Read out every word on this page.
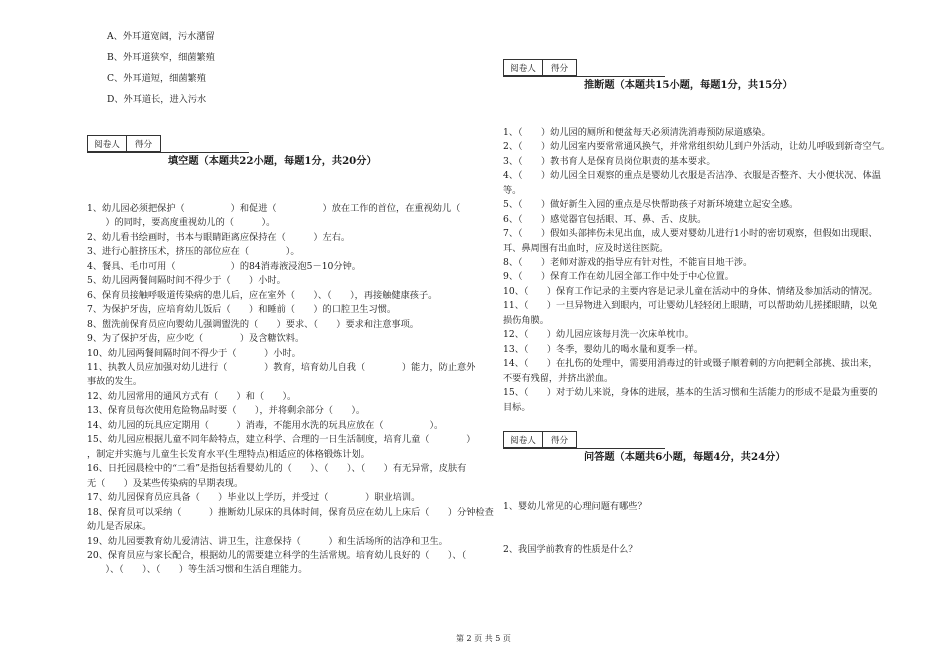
A、外耳道宽阔，污水潴留
B、外耳道狭窄，细菌繁殖
C、外耳道短，细菌繁殖
D、外耳道长，进入污水
阅卷人	得分
填空题（本题共22小题，每题1分，共20分）
1、幼儿园必须把保护（　　　　　）和促进（　　　　　）放在工作的首位，在重视幼儿（
　　）的同时，要高度重视幼儿的（　　　）。
2、幼儿看书绘画时，书本与眼睛距离应保持在（　　　）左右。
3、进行心脏挤压术，挤压的部位应在（　　　　）。
4、餐具、毛巾可用（　　　　　　）的84消毒液浸泡5－10分钟。
5、幼儿园两餐间隔时间不得少于（　　）小时。
6、保育员接触呼吸道传染病的患儿后，应在室外（　　）、（　　），再接触健康孩子。
7、为保护牙齿，应培育幼儿饭后（　　）和睡前（　　）的口腔卫生习惯。
8、盥洗前保育员应向婴幼儿强调盥洗的（　　）要求、（　　）要求和注意事项。
9、为了保护牙齿，应少吃（　　　　）及含糖饮料。
10、幼儿园两餐间隔时间不得少于（　　　）小时。
11、执教人员应加强对幼儿进行（　　　　）教育，培育幼儿自我（　　　　）能力，防止意外
事故的发生。
12、幼儿园常用的通风方式有（　　）和（　　）。
13、保育员每次使用危险物品时要（　　），并将剩余部分（　　）。
14、幼儿园的玩具应定期用（　　　）消毒，不能用水洗的玩具应放在（　　　　　）。
15、幼儿园应根据儿童不同年龄特点，建立科学、合理的一日生活制度，培育儿童（　　　　）
，制定并实施与儿童生长发育水平(生理特点)相适应的体格锻炼计划。
16、日托园晨检中的“二看”是指包括看婴幼儿的（　　）、（　　）、（　　）有无异常，皮肤有
无（　　）及某些传染病的早期表现。
17、幼儿园保育员应具备（　　）毕业以上学历，并受过（　　　　）职业培训。
18、保育员可以采纳（　　　）推断幼儿尿床的具体时间，保育员应在幼儿上床后（　　）分钟检查
幼儿是否尿床。
19、幼儿园要教育幼儿爱清洁、讲卫生，注意保持（　　　）和生活场所的洁净和卫生。
20、保育员应与家长配合，根据幼儿的需要建立科学的生活常规。培育幼儿良好的（　　）、（
　　）、（　　）、（　　）等生活习惯和生活自理能力。
阅卷人	得分
推断题（本题共15小题，每题1分，共15分）
1、（　　）幼儿园的厕所和便盆每天必须清洗消毒预防尿道感染。
2、（　　）幼儿园室内要常常通风换气，并常常组织幼儿到户外活动，让幼儿呼吸到新奇空气。
3、（　　）教书育人是保育员岗位职责的基本要求。
4、（　　）幼儿园全日观察的重点是婴幼儿衣服是否洁净、衣服是否整齐、大小便状况、体温
等。
5、（　　）做好新生入园的重点是尽快帮助孩子对新环境建立起安全感。
6、（　　）感觉器官包括眼、耳、鼻、舌、皮肤。
7、（　　）假如头部摔伤未见出血，成人要对婴幼儿进行1小时的密切观察，但假如出现眼、
耳、鼻周围有出血时，应及时送往医院。
8、（　　）老师对游戏的指导应有针对性，不能盲目地干涉。
9、（　　）保育工作在幼儿园全部工作中处于中心位置。
10、（　　）保育工作记录的主要内容是记录儿童在活动中的身体、情绪及参加活动的情况。
11、（　　）一旦异物进入到眼内，可让婴幼儿轻轻闭上眼睛，可以帮助幼儿搓揉眼睛，以免
损伤角膜。
12、（　　）幼儿园应该每月洗一次床单枕巾。
13、（　　）冬季，婴幼儿的喝水量和夏季一样。
14、（　　）在扎伤的处理中，需要用消毒过的针或镊子顺着刺的方向把刺全部挑、拔出来，
不要有残留，并挤出淤血。
15、（　　）对于幼儿来说，身体的进展，基本的生活习惯和生活能力的形成不是最为重要的
目标。
阅卷人	得分
问答题（本题共6小题，每题4分，共24分）
1、婴幼儿常见的心理问题有哪些？
2、我国学前教育的性质是什么？
第 2 页 共 5 页
